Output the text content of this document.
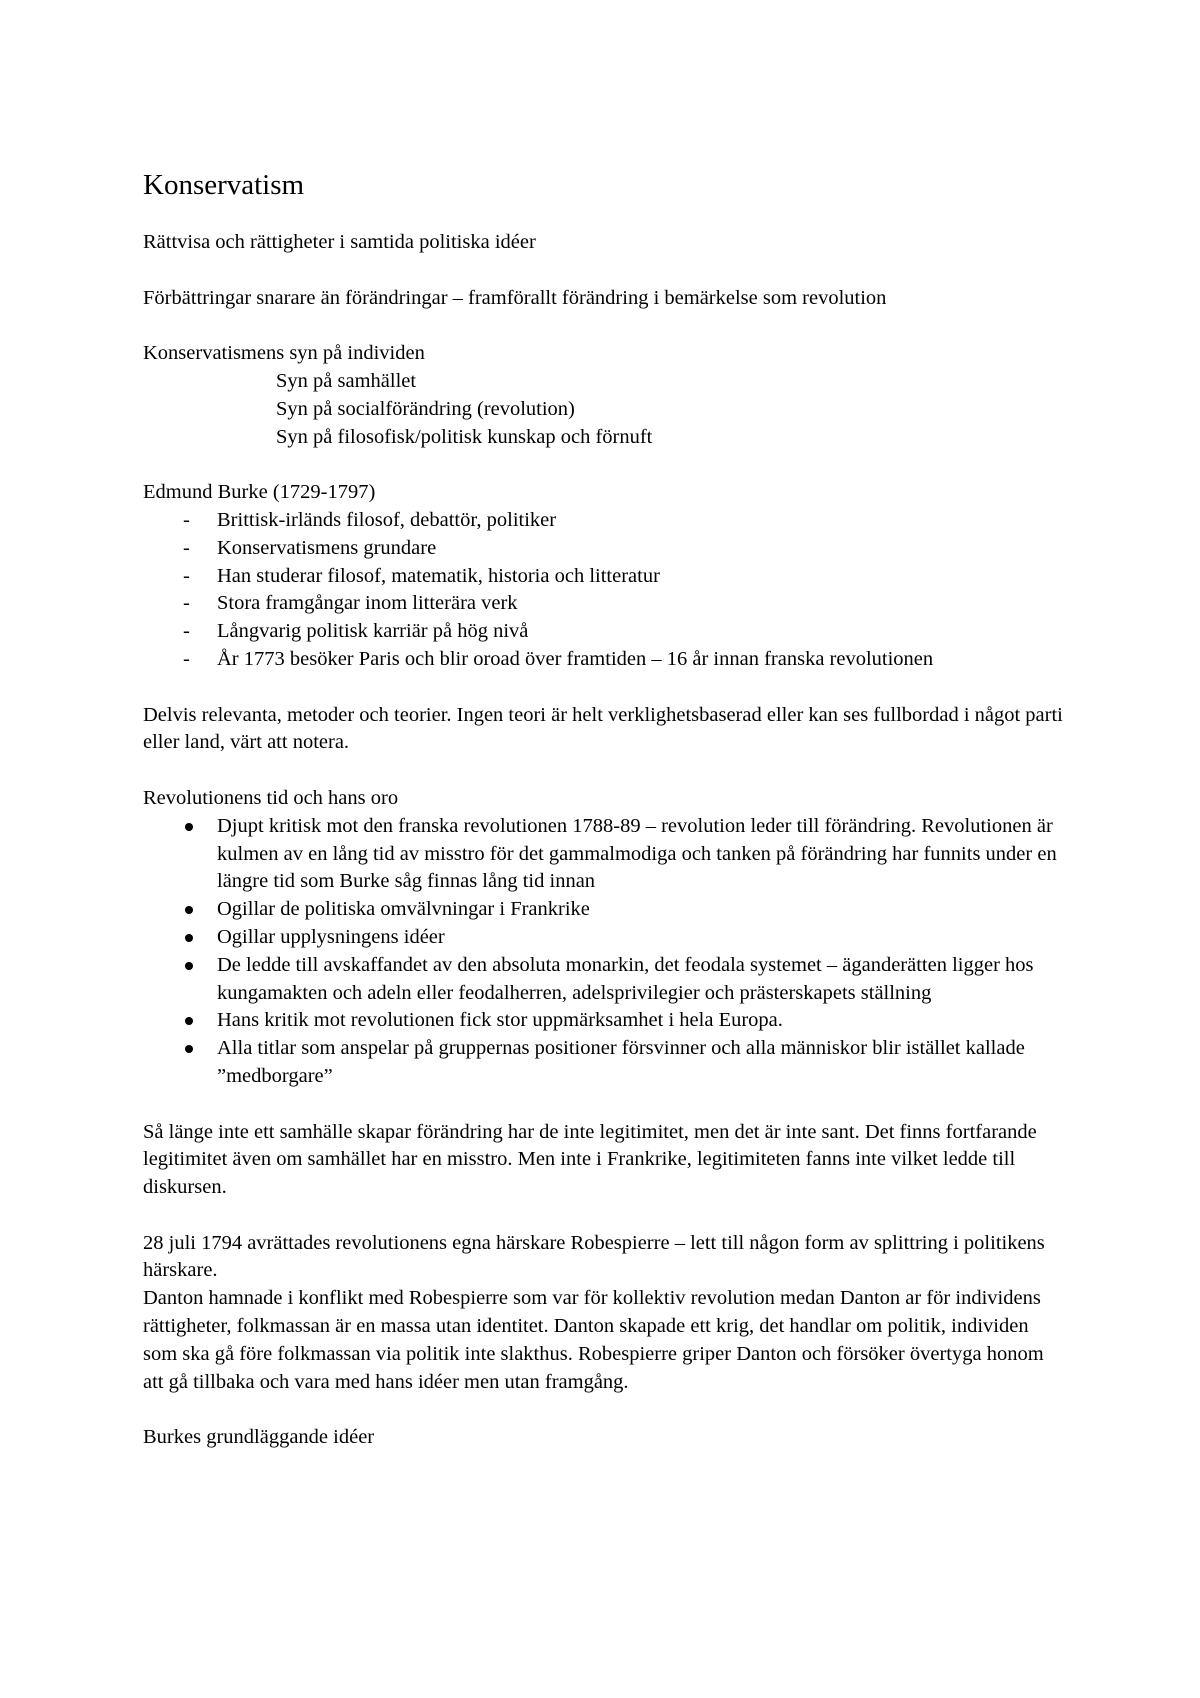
Konservatism

Rättvisa och rättigheter i samtida politiska idéer

Förbättringar snarare än förändringar – framförallt förändring i bemärkelse som revolution

Konservatismens syn på individen
Syn på samhället
Syn på socialförändring (revolution)
Syn på filosofisk/politisk kunskap och förnuft
Edmund Burke (1729-1797)
- Brittisk-irländs filosof, debattör, politiker
- Konservatismens grundare
- Han studerar filosof, matematik, historia och litteratur
- Stora framgångar inom litterära verk
- Långvarig politisk karriär på hög nivå
- År 1773 besöker Paris och blir oroad över framtiden – 16 år innan franska revolutionen

Delvis relevanta, metoder och teorier. Ingen teori är helt verklighetsbaserad eller kan ses fullbordad i något parti eller land, värt att notera.

Revolutionens tid och hans oro
Djupt kritisk mot den franska revolutionen 1788-89 – revolution leder till förändring. Revolutionen är kulmen av en lång tid av misstro för det gammalmodiga och tanken på förändring har funnits under en längre tid som Burke såg finnas lång tid innan
Ogillar de politiska omvälvningar i Frankrike
Ogillar upplysningens idéer
De ledde till avskaffandet av den absoluta monarkin, det feodala systemet – äganderätten ligger hos kungamakten och adeln eller feodalherren, adelsprivilegier och prästerskapets ställning
Hans kritik mot revolutionen fick stor uppmärksamhet i hela Europa.
Alla titlar som anspelar på gruppernas positioner försvinner och alla människor blir istället kallade ”medborgare”

Så länge inte ett samhälle skapar förändring har de inte legitimitet, men det är inte sant. Det finns fortfarande legitimitet även om samhället har en misstro. Men inte i Frankrike, legitimiteten fanns inte vilket ledde till diskursen.

28 juli 1794 avrättades revolutionens egna härskare Robespierre – lett till någon form av splittring i politikens härskare.
Danton hamnade i konflikt med Robespierre som var för kollektiv revolution medan Danton ar för individens rättigheter, folkmassan är en massa utan identitet. Danton skapade ett krig, det handlar om politik, individen som ska gå före folkmassan via politik inte slakthus. Robespierre griper Danton och försöker övertyga honom att gå tillbaka och vara med hans idéer men utan framgång.

Burkes grundläggande idéer
